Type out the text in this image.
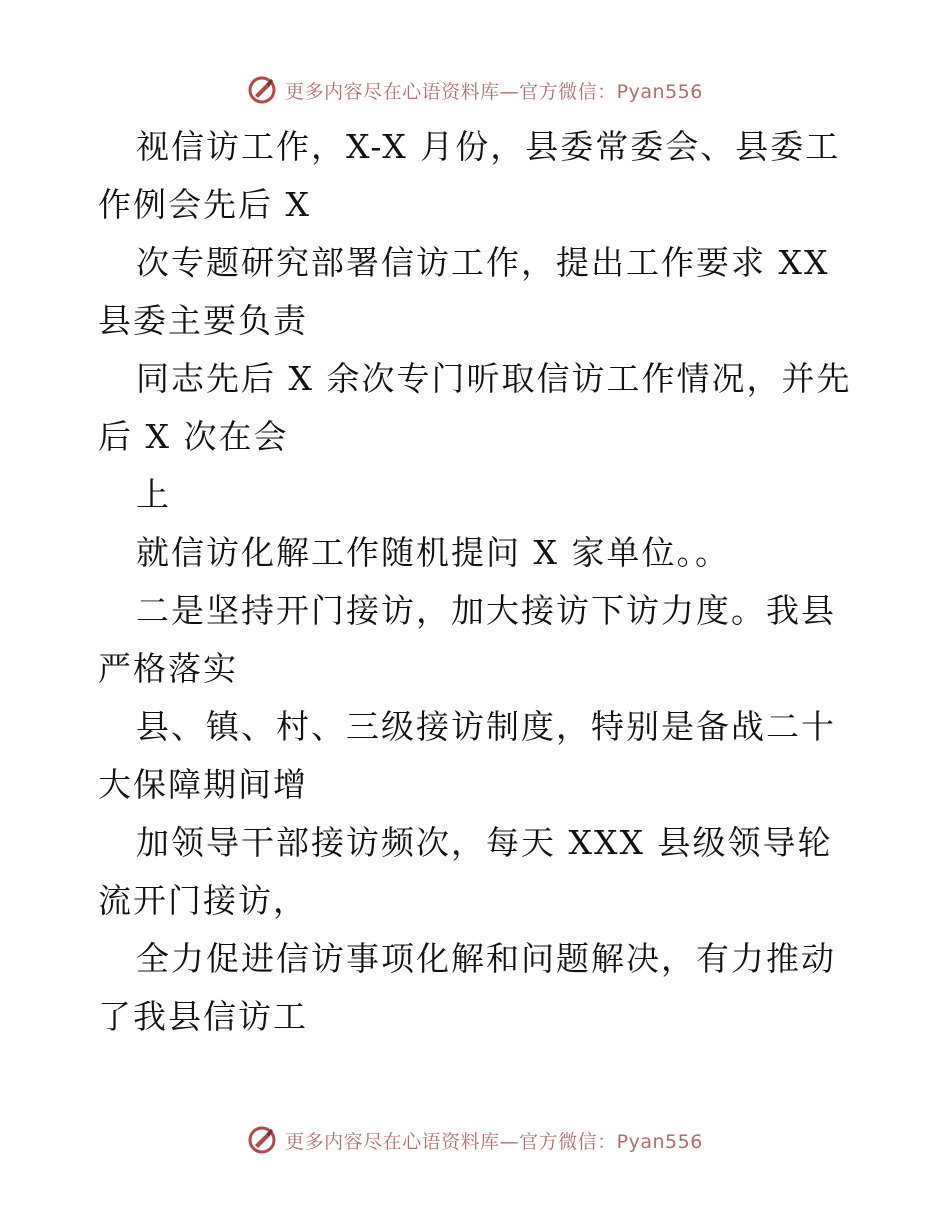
更多内容尽在心语资料库—官方微信：Pyan556

视信访工作，X-X 月份，县委常委会、县委工作例会先后 X

次专题研究部署信访工作，提出工作要求 XX 县委主要负责

同志先后 X 余次专门听取信访工作情况，并先后 X 次在会

上

就信访化解工作随机提问 X 家单位。。

二是坚持开门接访，加大接访下访力度。我县严格落实

县、镇、村、三级接访制度，特别是备战二十大保障期间增

加领导干部接访频次，每天 XXX 县级领导轮流开门接访，

全力促进信访事项化解和问题解决，有力推动了我县信访工

更多内容尽在心语资料库—官方微信：Pyan556
